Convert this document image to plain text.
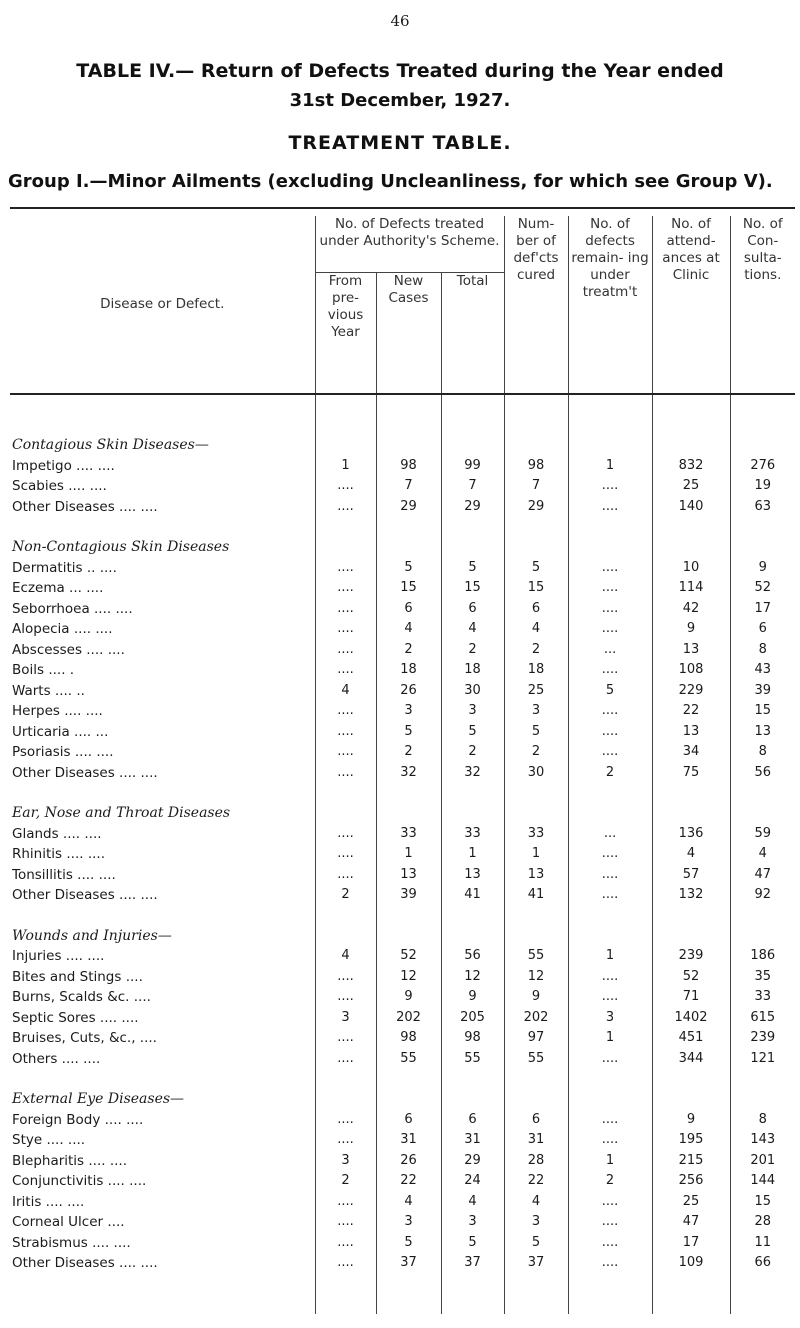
46
TABLE IV.— Return of Defects Treated during the Year ended
31st December, 1927.
TREATMENT TABLE.
Group I.—Minor Ailments (excluding Uncleanliness, for which see Group V).
Disease or Defect.	No. of Defects treated under Authority's Scheme.			Num- ber of def'cts cured	No. of defects remain- ing under treatm't	No. of attend- ances at Clinic	No. of Con- sulta- tions.
	From pre- vious Year	New Cases	Total				

Contagious Skin Diseases—							
Impetigo .... ....	1	98	99	98	1	832	276
Scabies .... ....	....	7	7	7	....	25	19
Other Diseases .... ....	....	29	29	29	....	140	63

Non-Contagious Skin Diseases							
Dermatitis .. ....	....	5	5	5	....	10	9
Eczema ... ....	....	15	15	15	....	114	52
Seborrhoea .... ....	....	6	6	6	....	42	17
Alopecia .... ....	....	4	4	4	....	9	6
Abscesses .... ....	....	2	2	2	...	13	8
Boils .... .	....	18	18	18	....	108	43
Warts .... ..	4	26	30	25	5	229	39
Herpes .... ....	....	3	3	3	....	22	15
Urticaria .... ...	....	5	5	5	....	13	13
Psoriasis .... ....	....	2	2	2	....	34	8
Other Diseases .... ....	....	32	32	30	2	75	56

Ear, Nose and Throat Diseases							
Glands .... ....	....	33	33	33	...	136	59
Rhinitis .... ....	....	1	1	1	....	4	4
Tonsillitis .... ....	....	13	13	13	....	57	47
Other Diseases .... ....	2	39	41	41	....	132	92

Wounds and Injuries—							
Injuries .... ....	4	52	56	55	1	239	186
Bites and Stings ....	....	12	12	12	....	52	35
Burns, Scalds &c. ....	....	9	9	9	....	71	33
Septic Sores .... ....	3	202	205	202	3	1402	615
Bruises, Cuts, &c., ....	....	98	98	97	1	451	239
Others .... ....	....	55	55	55	....	344	121

External Eye Diseases—							
Foreign Body .... ....	....	6	6	6	....	9	8
Stye .... ....	....	31	31	31	....	195	143
Blepharitis .... ....	3	26	29	28	1	215	201
Conjunctivitis .... ....	2	22	24	22	2	256	144
Iritis .... ....	....	4	4	4	....	25	15
Corneal Ulcer ....	....	3	3	3	....	47	28
Strabismus .... ....	....	5	5	5	....	17	11
Other Diseases .... ....	....	37	37	37	....	109	66
